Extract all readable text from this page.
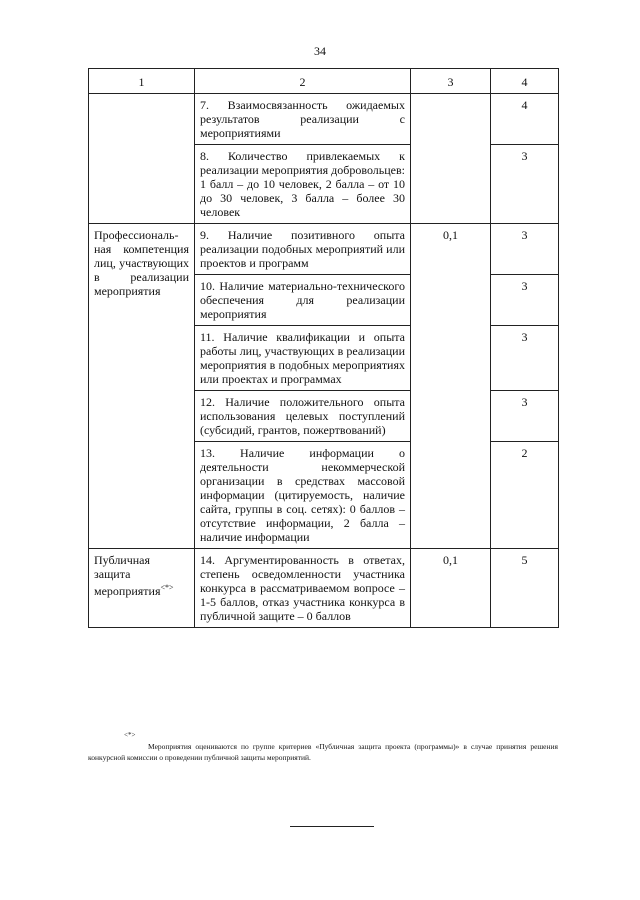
34
1	2	3	4
	7. Взаимосвязанность ожидаемых результатов реализации с мероприятиями		4
	8. Количество привлекаемых к реализации мероприятия добровольцев: 1 балл – до 10 человек, 2 балла – от 10 до 30 человек, 3 балла – более 30 человек		3
Профессиональ-ная компетенция лиц, участвующих в реализации мероприятия	9. Наличие позитивного опыта реализации подобных мероприятий или проектов и программ	0,1	3
	10. Наличие материально-технического обеспечения для реализации мероприятия		3
	11. Наличие квалификации и опыта работы лиц, участвующих в реализации мероприятия в подобных мероприятиях или проектах и программах		3
	12. Наличие положительного опыта использования целевых поступлений (субсидий, грантов, пожертвований)		3
	13. Наличие информации о деятельности некоммерческой организации в средствах массовой информации (цитируемость, наличие сайта, группы в соц. сетях): 0 баллов – отсутствие информации, 2 балла – наличие информации		2
Публичная защита мероприятия<*>	14. Аргументированность в ответах, степень осведомленности участника конкурса в рассматриваемом вопросе – 1-5 баллов, отказ участника конкурса в публичной защите – 0 баллов	0,1	5
<*>
Мероприятия оцениваются по группе критериев «Публичная защита проекта (программы)» в случае принятия решения конкурсной комиссии о проведении публичной защиты мероприятий.
